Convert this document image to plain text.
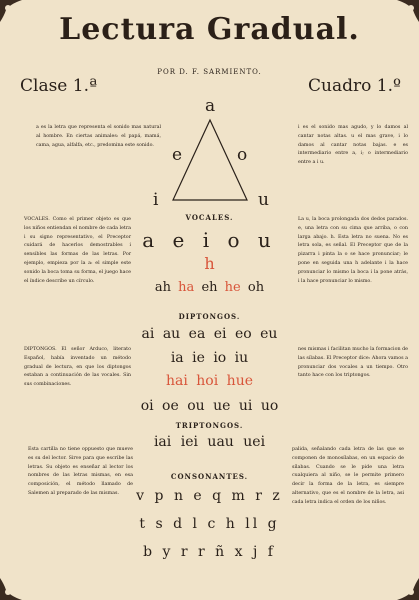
Lectura Gradual.
POR D. F. SARMIENTO.
Clase 1.ª	Cuadro 1.º
a
e	o
i	u
a es la letra que representa el sonido mas natural al hombre. En ciertas animales: el papá, mamá, cama, agua, alfalfa, etc., predomina este sonido.
i es el sonido mas agudo, y lo damos al cantar notas altas. u el mas grave, i lo damos al cantar notas bajas. e es intermediario entre a, i; o intermediario entre a i u.
VOCALES.
a e i o u
h
ah ha eh he oh
VOCALES. Como el primer objeto es que los niños entiendan el nombre de cada letra i su signo representativo, el Preceptor cuidará de hacerlos demostrables i sensibles las formas de las letras. Por ejemplo, empieza por la a: el simple este sonido la boca toma su forma, el juego hace el índice describe un círculo.
La u, la boca prolongada dos dedos parados. e, una letra con su cima que arriba, o con larga abajo. h. Esta letra no suena. No es letra sola, es señal. El Preceptor que de la pizarra i pinta la o se hace pronunciar; le pone en seguida una h adelante i la hace pronunciar lo mismo la boca i la pone atrás, i la hace pronunciar lo mismo.
DIPTONGOS.
ai au ea ei eo eu
ia ie io iu
hai hoi hue
oi oe ou ue ui uo
DIPTONGOS. El señor Arduco, literato Español, había inventado un método gradual de lectura, en que los diptongos estaban a continuación de las vocales. Sin sus combinaciones.
nes mismas i facilitan mucho la formacion de las sílabas. El Preceptor dice: Ahora vamos a pronunciar dos vocales a un tiempo. Otro tanto hace con los triptongos.
TRIPTONGOS.
iai iei uau uei
CONSONANTES.
v p n e q m r z
t s d l c h ll g
b y r r ñ x j f
Esta cartilla no tiene oppuesto que mueve es su del lector. Sirve para que escribe las letras. Su objeto es enseñar al lector los nombres de las letras mismas, en esa composición, el método llamado de Salemen al preparado de las mismas.
palida, señalando cada letra de las que se componen de monosílabas, en un espacio de sílabas. Cuando se le pide una letra cualquiera al niño, se le permite primero decir la forma de la letra, es siempre alternativo, que es el nombre de la letra, asi cada letra indica el orden de los niños.
